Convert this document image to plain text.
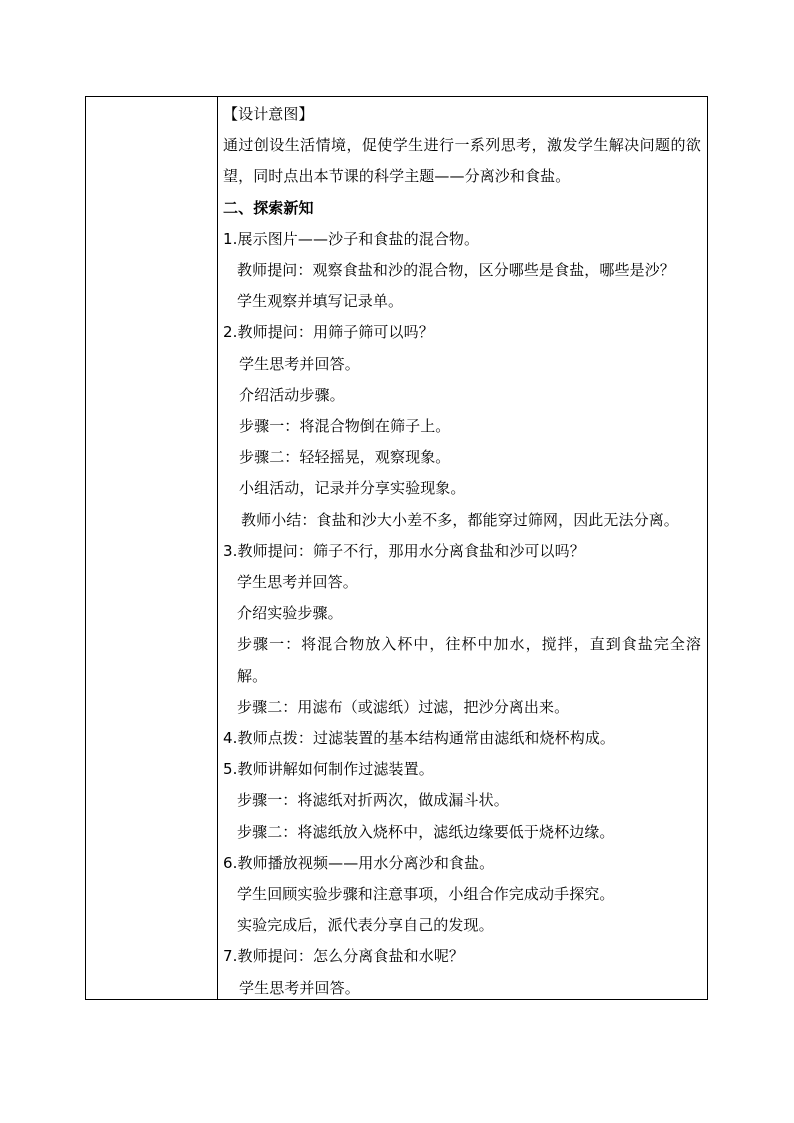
【设计意图】
通过创设生活情境，促使学生进行一系列思考，激发学生解决问题的欲望，同时点出本节课的科学主题——分离沙和食盐。
二、探索新知
1.展示图片——沙子和食盐的混合物。
教师提问：观察食盐和沙的混合物，区分哪些是食盐，哪些是沙？
学生观察并填写记录单。
2.教师提问：用筛子筛可以吗？
学生思考并回答。
介绍活动步骤。
步骤一：将混合物倒在筛子上。
步骤二：轻轻摇晃，观察现象。
小组活动，记录并分享实验现象。
教师小结：食盐和沙大小差不多，都能穿过筛网，因此无法分离。
3.教师提问：筛子不行，那用水分离食盐和沙可以吗？
学生思考并回答。
介绍实验步骤。
步骤一：将混合物放入杯中，往杯中加水，搅拌，直到食盐完全溶解。
步骤二：用滤布（或滤纸）过滤，把沙分离出来。
4.教师点拨：过滤装置的基本结构通常由滤纸和烧杯构成。
5.教师讲解如何制作过滤装置。
步骤一：将滤纸对折两次，做成漏斗状。
步骤二：将滤纸放入烧杯中，滤纸边缘要低于烧杯边缘。
6.教师播放视频——用水分离沙和食盐。
学生回顾实验步骤和注意事项，小组合作完成动手探究。
实验完成后，派代表分享自己的发现。
7.教师提问：怎么分离食盐和水呢？
学生思考并回答。
